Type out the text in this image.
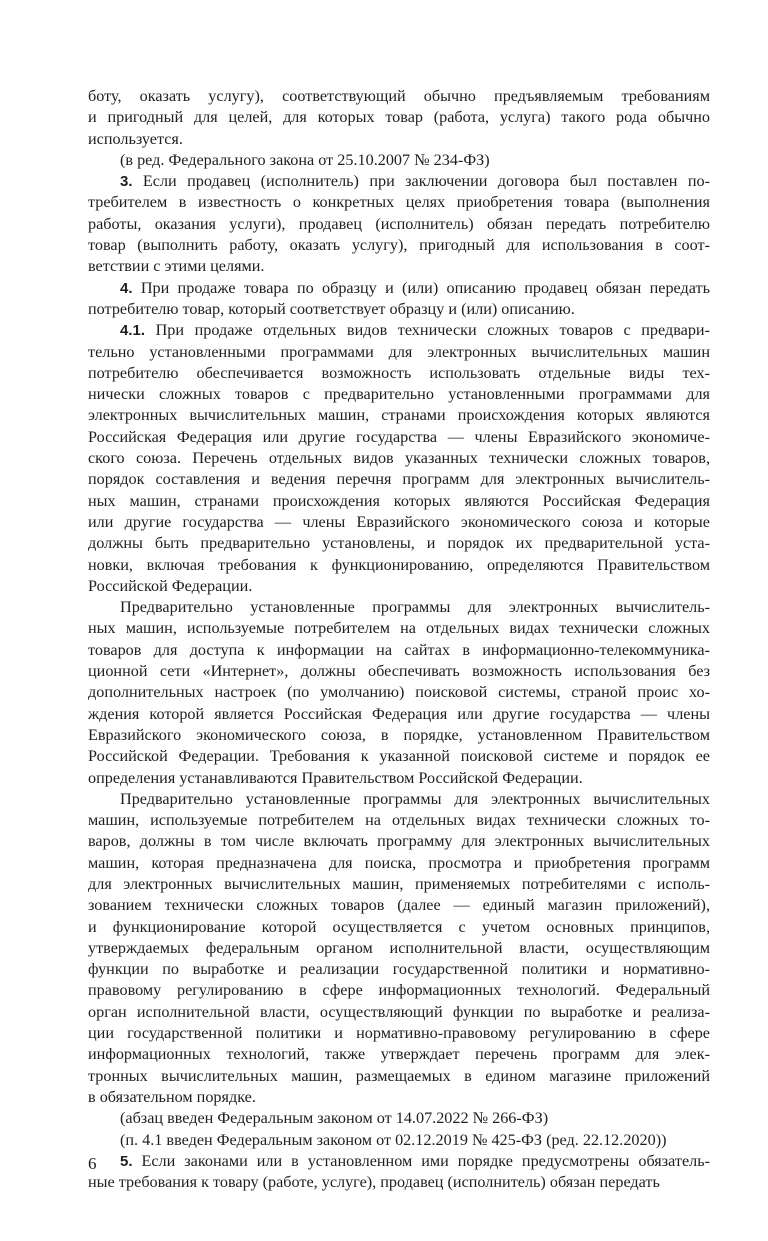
боту, оказать услугу), соответствующий обычно предъявляемым требованиям
и пригодный для целей, для которых товар (работа, услуга) такого рода обычно
используется.
(в ред. Федерального закона от 25.10.2007 № 234-ФЗ)
3. Если продавец (исполнитель) при заключении договора был поставлен по-
требителем в известность о конкретных целях приобретения товара (выполнения
работы, оказания услуги), продавец (исполнитель) обязан передать потребителю
товар (выполнить работу, оказать услугу), пригодный для использования в соот-
ветствии с этими целями.
4. При продаже товара по образцу и (или) описанию продавец обязан передать
потребителю товар, который соответствует образцу и (или) описанию.
4.1. При продаже отдельных видов технически сложных товаров с предвари-
тельно установленными программами для электронных вычислительных машин
потребителю обеспечивается возможность использовать отдельные виды тех-
нически сложных товаров с предварительно установленными программами для
электронных вычислительных машин, странами происхождения которых являются
Российская Федерация или другие государства — члены Евразийского экономиче-
ского союза. Перечень отдельных видов указанных технически сложных товаров,
порядок составления и ведения перечня программ для электронных вычислитель-
ных машин, странами происхождения которых являются Российская Федерация
или другие государства — члены Евразийского экономического союза и которые
должны быть предварительно установлены, и порядок их предварительной уста-
новки, включая требования к функционированию, определяются Правительством
Российской Федерации.
Предварительно установленные программы для электронных вычислитель-
ных машин, используемые потребителем на отдельных видах технически сложных
товаров для доступа к информации на сайтах в информационно-телекоммуника-
ционной сети «Интернет», должны обеспечивать возможность использования без
дополнительных настроек (по умолчанию) поисковой системы, страной проис хо-
ждения которой является Российская Федерация или другие государства — члены
Евразийского экономического союза, в порядке, установленном Правительством
Российской Федерации. Требования к указанной поисковой системе и порядок ее
определения устанавливаются Правительством Российской Федерации.
Предварительно установленные программы для электронных вычислительных
машин, используемые потребителем на отдельных видах технически сложных то-
варов, должны в том числе включать программу для электронных вычислительных
машин, которая предназначена для поиска, просмотра и приобретения программ
для электронных вычислительных машин, применяемых потребителями с исполь-
зованием технически сложных товаров (далее — единый магазин приложений),
и функционирование которой осуществляется с учетом основных принципов,
утверждаемых федеральным органом исполнительной власти, осуществляющим
функции по выработке и реализации государственной политики и нормативно-
правовому регулированию в сфере информационных технологий. Федеральный
орган исполнительной власти, осуществляющий функции по выработке и реализа-
ции государственной политики и нормативно-правовому регулированию в сфере
информационных технологий, также утверждает перечень программ для элек-
тронных вычислительных машин, размещаемых в едином магазине приложений
в обязательном порядке.
(абзац введен Федеральным законом от 14.07.2022 № 266-ФЗ)
(п. 4.1 введен Федеральным законом от 02.12.2019 № 425-ФЗ (ред. 22.12.2020))
5. Если законами или в установленном ими порядке предусмотрены обязатель-
ные требования к товару (работе, услуге), продавец (исполнитель) обязан передать
6
